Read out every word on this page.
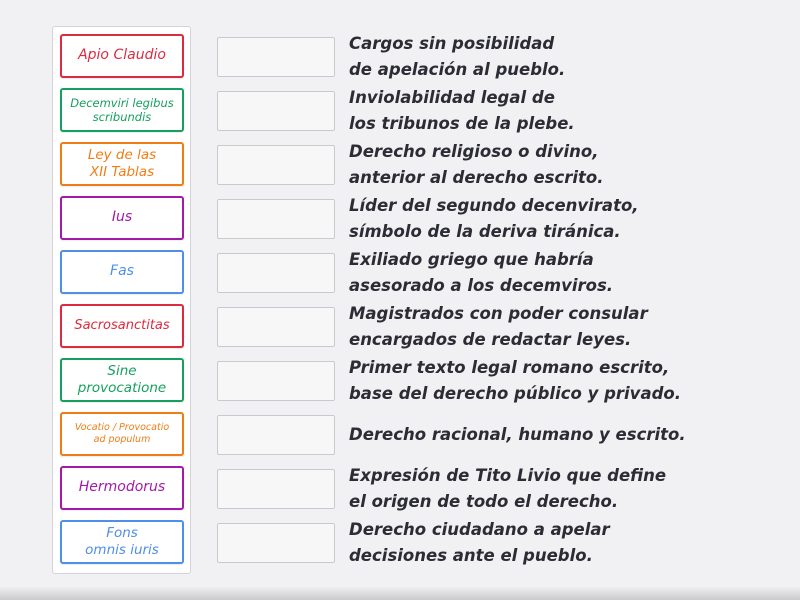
Apio Claudio
Decemviri legibus
scribundis
Ley de las
XII Tablas
Ius
Fas
Sacrosanctitas
Sine
provocatione
Vocatio / Provocatio
ad populum
Hermodorus
Fons
omnis iuris
Cargos sin posibilidad
de apelación al pueblo.
Inviolabilidad legal de
los tribunos de la plebe.
Derecho religioso o divino,
anterior al derecho escrito.
Líder del segundo decenvirato,
símbolo de la deriva tiránica.
Exiliado griego que habría
asesorado a los decemviros.
Magistrados con poder consular
encargados de redactar leyes.
Primer texto legal romano escrito,
base del derecho público y privado.
Derecho racional, humano y escrito.
Expresión de Tito Livio que define
el origen de todo el derecho.
Derecho ciudadano a apelar
decisiones ante el pueblo.
